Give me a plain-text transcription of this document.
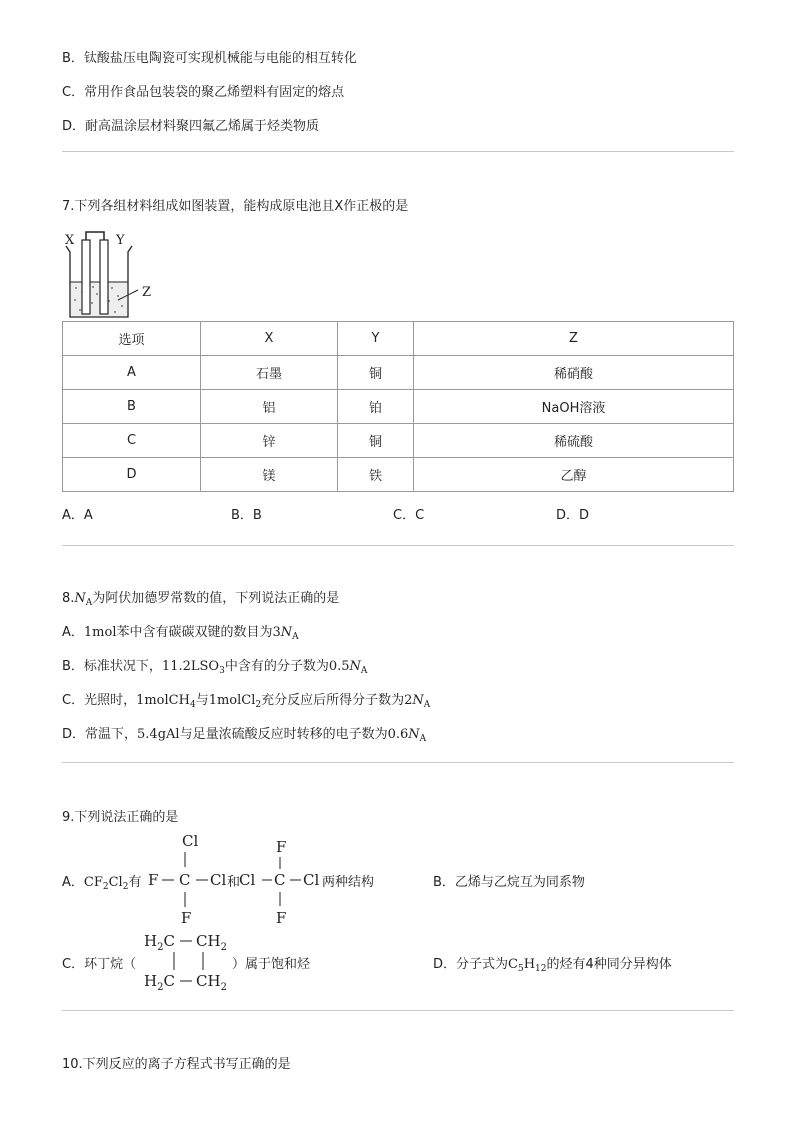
B．钛酸盐压电陶瓷可实现机械能与电能的相互转化
C．常用作食品包装袋的聚乙烯塑料有固定的熔点
D．耐高温涂层材料聚四氟乙烯属于烃类物质
7.下列各组材料组成如图装置，能构成原电池且X作正极的是
X	Y
Z
选项	X	Y	Z
A	石墨	铜	稀硝酸
B	铝	铂	NaOH溶液
C	锌	铜	稀硫酸
D	镁	铁	乙醇
A．A	B．B	C．C	D．D
$8.N_A$为阿伏加德罗常数的值，下列说法正确的是
A．1mol苯中含有碳碳双键的数目为$3N_A$
B．标准状况下，$11.2LSO_3$中含有的分子数为$0.5N_A$
C．光照时，1molCH$_4$与1molCl$_2$充分反应后所得分子数为$2N_A$
D．常温下，5.4gAl与足量浓硫酸反应时转移的电子数为$0.6N_A$
9.下列说法正确的是
A．$CF_2Cl_2$有
Cl
F C Cl
F
和
F
Cl C Cl
F
两种结构	B．乙烯与乙烷互为同系物
C．环丁烷（
$H_2C$ $CH_2$
$H_2C$ $CH_2$
）属于饱和烃	D．分子式为$C_5H_{12}$的烃有4种同分异构体
10.下列反应的离子方程式书写正确的是
